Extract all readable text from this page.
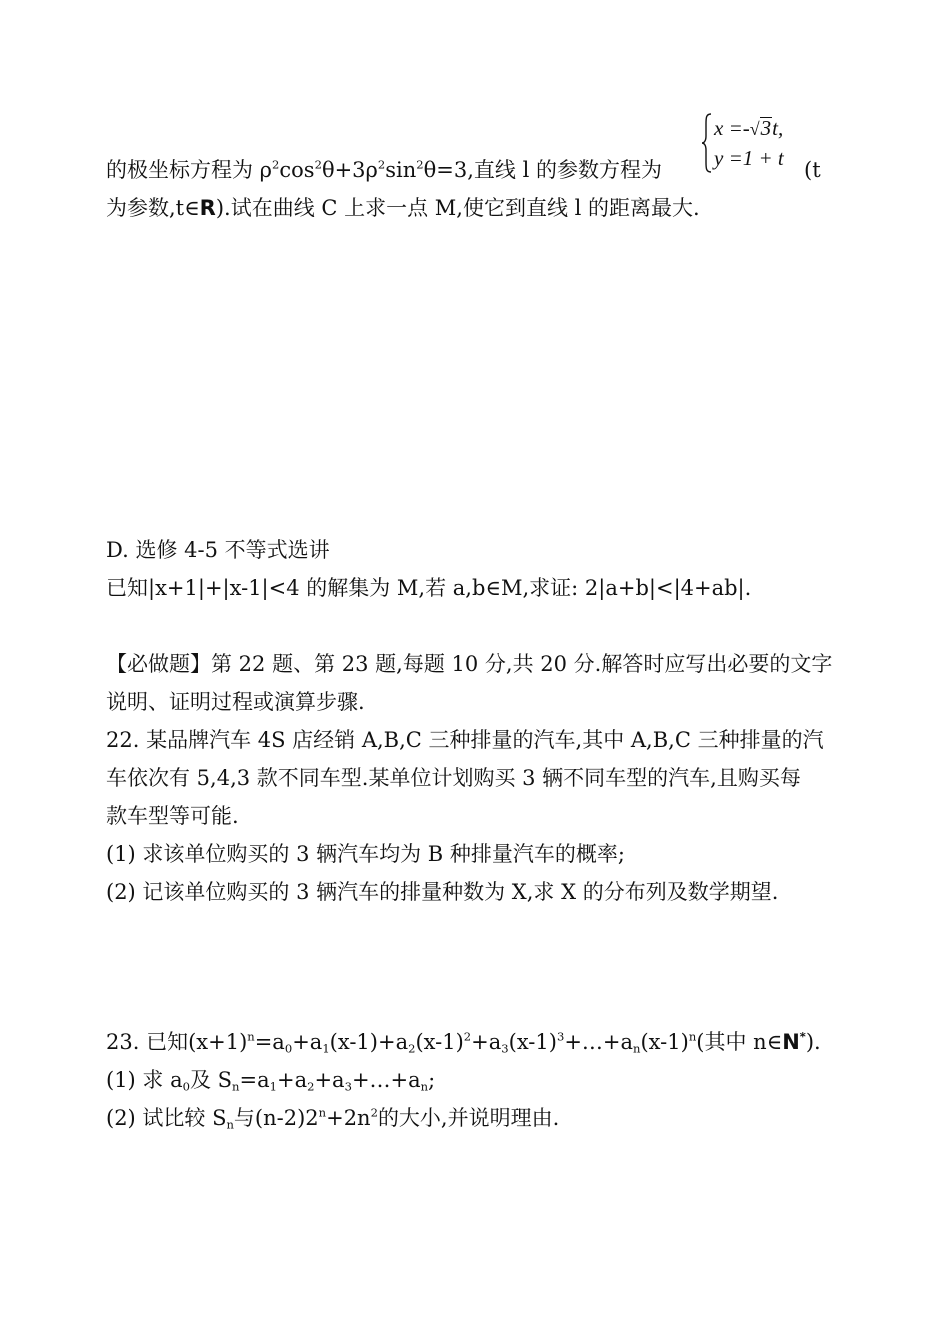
的极坐标方程为 $\rho^2\cos^2\theta+3\rho^2\sin^2\theta=3$,直线 l 的参数方程为
x =-√3t,
y =1 + t (t
为参数,t∈R).试在曲线 C 上求一点 M,使它到直线 l 的距离最大.
D. 选修 4-5 不等式选讲
已知|x+1|+|x-1|<4 的解集为 M,若 a,b∈M,求证: 2|a+b|<|4+ab|.
【必做题】第 22 题、第 23 题,每题 10 分,共 20 分.解答时应写出必要的文字
说明、证明过程或演算步骤.
22. 某品牌汽车 4S 店经销 A,B,C 三种排量的汽车,其中 A,B,C 三种排量的汽
车依次有 5,4,3 款不同车型.某单位计划购买 3 辆不同车型的汽车,且购买每
款车型等可能.
(1) 求该单位购买的 3 辆汽车均为 B 种排量汽车的概率;
(2) 记该单位购买的 3 辆汽车的排量种数为 X,求 X 的分布列及数学期望.
23. 已知$(x+1)^n=a_0+a_1(x-1)+a_2(x-1)^2+a_3(x-1)^3+\dots+a_n(x-1)^n$(其中 n∈N*).
(1) 求 $a_0$及 $S_n=a_1+a_2+a_3+\dots+a_n$;
(2) 试比较 $S_n$与$(n-2)2^n+2n^2$的大小,并说明理由.
